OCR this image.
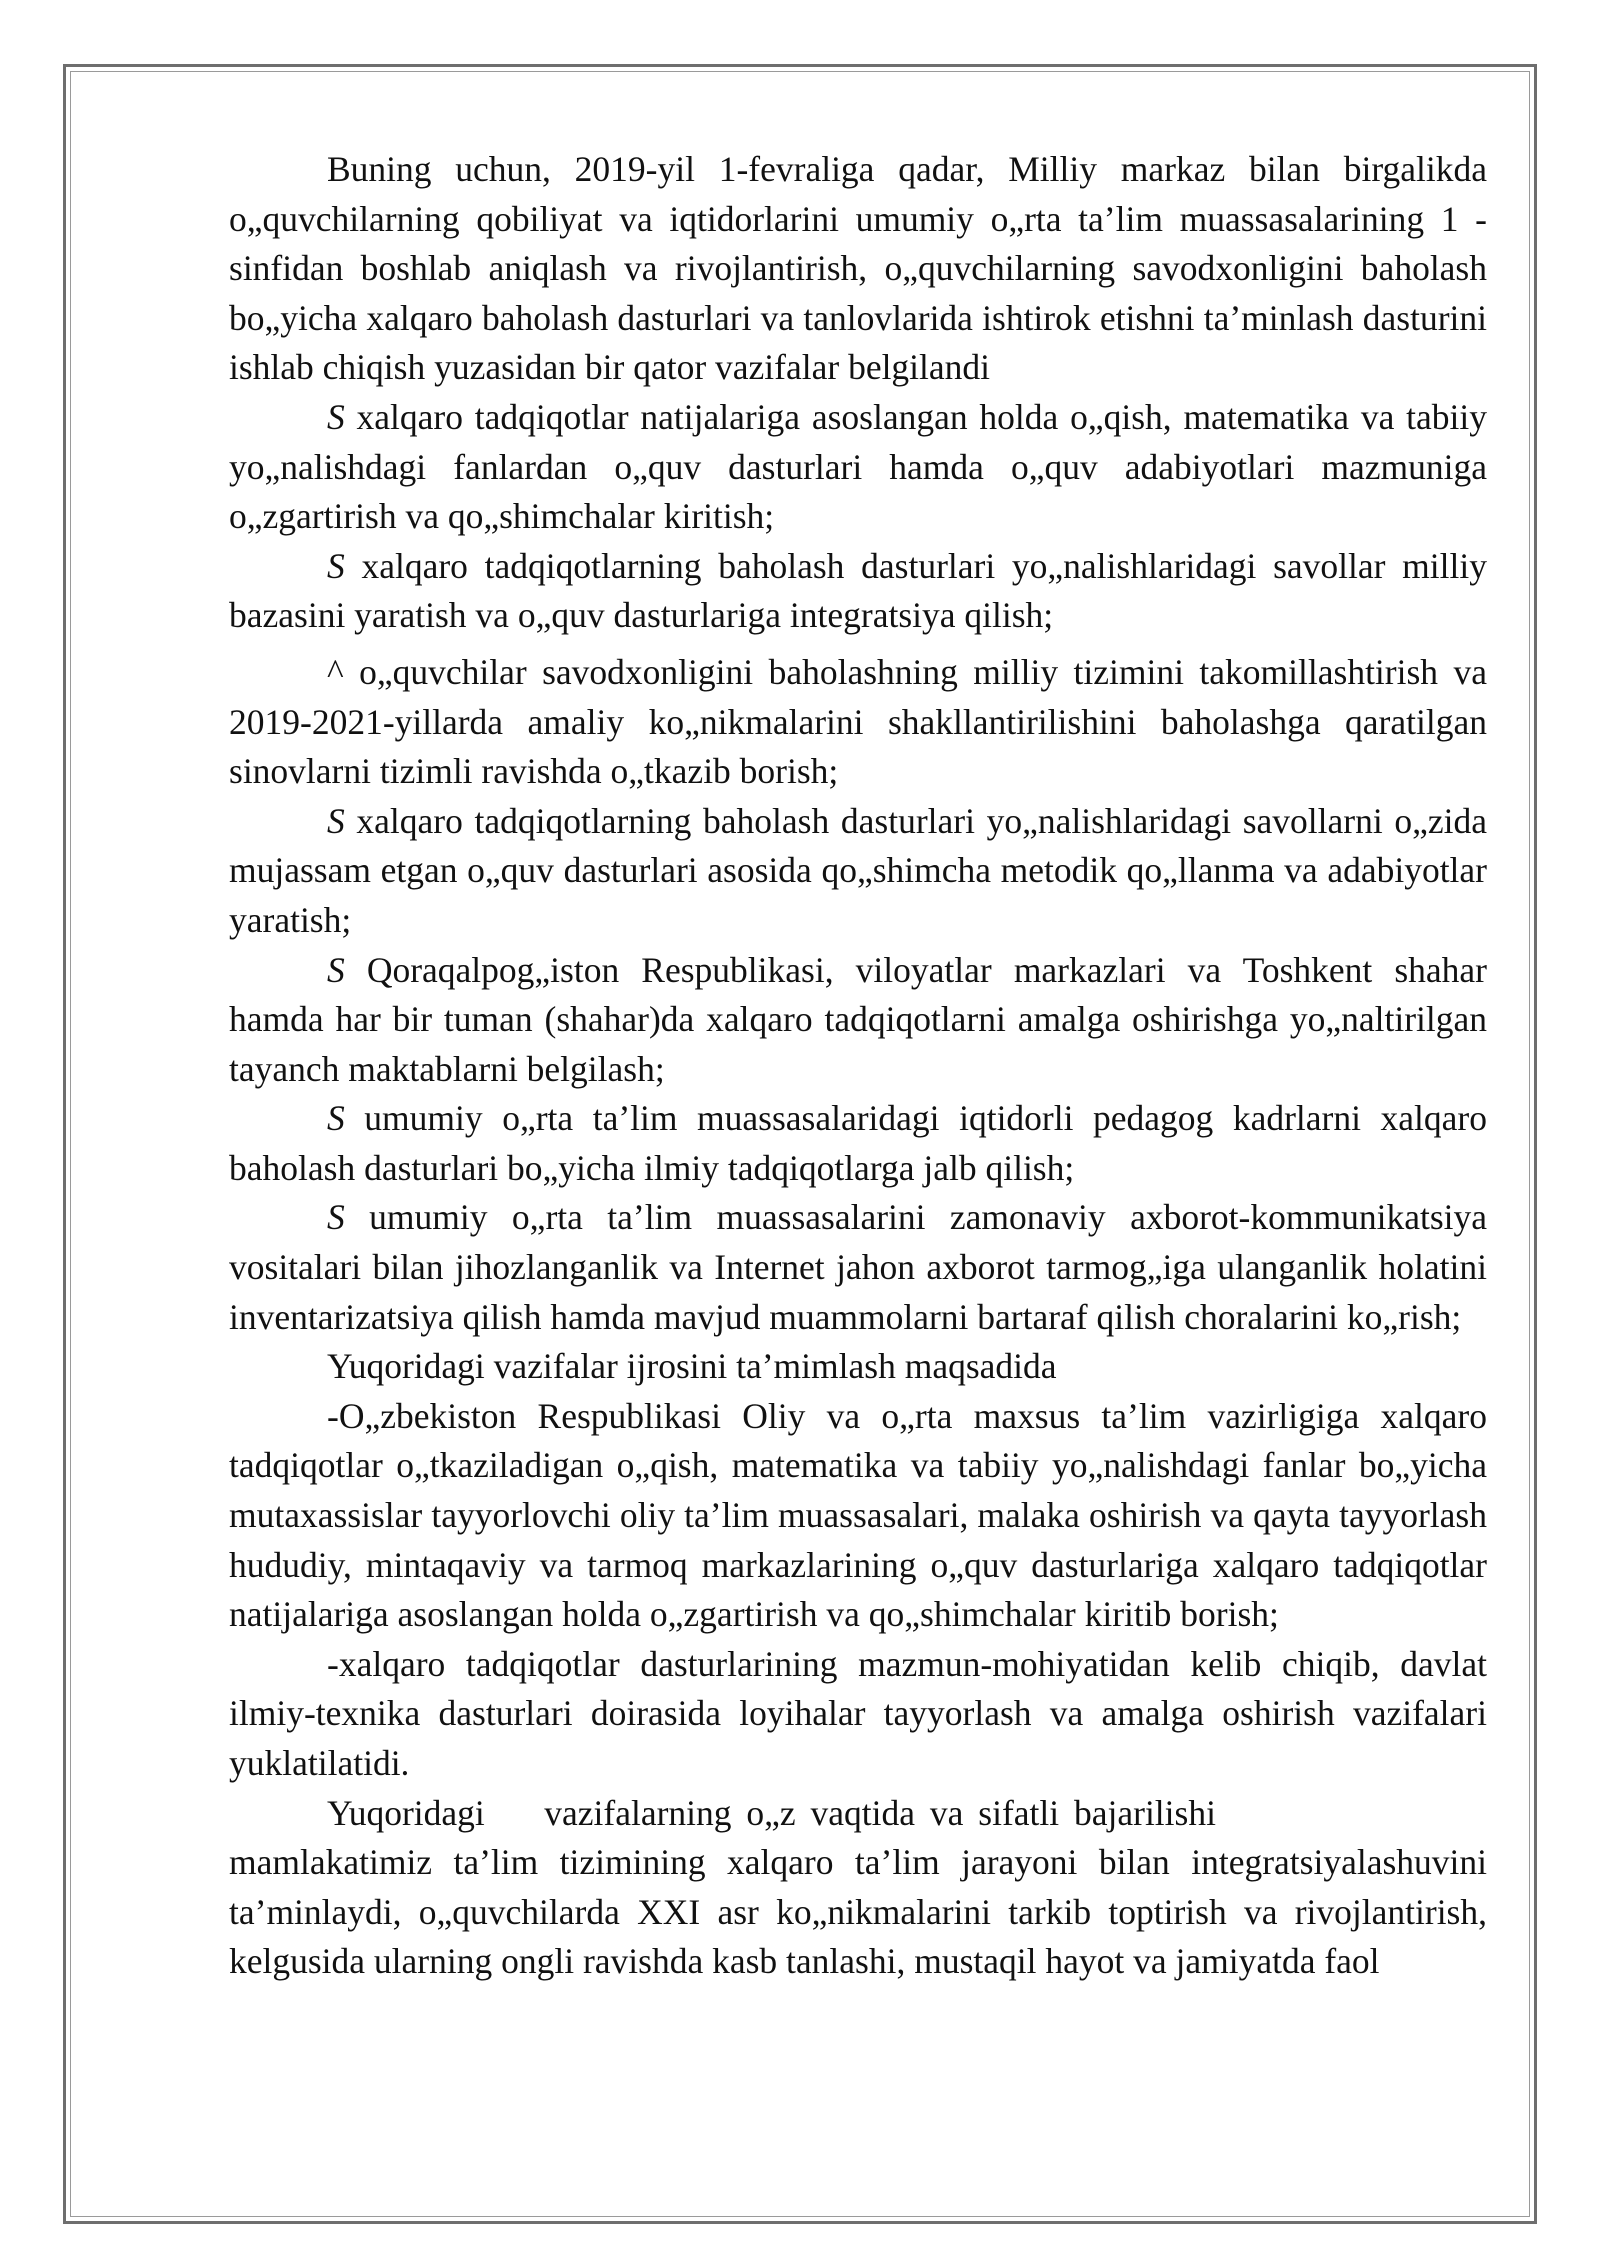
Buning uchun, 2019-yil 1-fevraliga qadar, Milliy markaz bilan birgalikda o„quvchilarning qobiliyat va iqtidorlarini umumiy o„rta ta’lim muassasalarining 1 - sinfidan boshlab aniqlash va rivojlantirish, o„quvchilarning savodxonligini baholash bo„yicha xalqaro baholash dasturlari va tanlovlarida ishtirok etishni ta’minlash dasturini ishlab chiqish yuzasidan bir qator vazifalar belgilandi

S xalqaro tadqiqotlar natijalariga asoslangan holda o„qish, matematika va tabiiy yo„nalishdagi fanlardan o„quv dasturlari hamda o„quv adabiyotlari mazmuniga o„zgartirish va qo„shimchalar kiritish;

S xalqaro tadqiqotlarning baholash dasturlari yo„nalishlaridagi savollar milliy bazasini yaratish va o„quv dasturlariga integratsiya qilish;

^ o„quvchilar savodxonligini baholashning milliy tizimini takomillashtirish va 2019-2021-yillarda amaliy ko„nikmalarini shakllantirilishini baholashga qaratilgan sinovlarni tizimli ravishda o„tkazib borish;

S xalqaro tadqiqotlarning baholash dasturlari yo„nalishlaridagi savollarni o„zida mujassam etgan o„quv dasturlari asosida qo„shimcha metodik qo„llanma va adabiyotlar yaratish;

S Qoraqalpog„iston Respublikasi, viloyatlar markazlari va Toshkent shahar hamda har bir tuman (shahar)da xalqaro tadqiqotlarni amalga oshirishga yo„naltirilgan tayanch maktablarni belgilash;

S umumiy o„rta ta’lim muassasalaridagi iqtidorli pedagog kadrlarni xalqaro baholash dasturlari bo„yicha ilmiy tadqiqotlarga jalb qilish;

S umumiy o„rta ta’lim muassasalarini zamonaviy axborot-kommunikatsiya vositalari bilan jihozlanganlik va Internet jahon axborot tarmog„iga ulanganlik holatini inventarizatsiya qilish hamda mavjud muammolarni bartaraf qilish choralarini ko„rish;

Yuqoridagi vazifalar ijrosini ta’mimlash maqsadida

-O„zbekiston Respublikasi Oliy va o„rta maxsus ta’lim vazirligiga xalqaro tadqiqotlar o„tkaziladigan o„qish, matematika va tabiiy yo„nalishdagi fanlar bo„yicha mutaxassislar tayyorlovchi oliy ta’lim muassasalari, malaka oshirish va qayta tayyorlash hududiy, mintaqaviy va tarmoq markazlarining o„quv dasturlariga xalqaro tadqiqotlar natijalariga asoslangan holda o„zgartirish va qo„shimchalar kiritib borish;

-xalqaro tadqiqotlar dasturlarining mazmun-mohiyatidan kelib chiqib, davlat ilmiy-texnika dasturlari doirasida loyihalar tayyorlash va amalga oshirish vazifalari yuklatilatidi.

Yuqoridagi    vazifalarning o„z vaqtida va sifatli bajarilishi
mamlakatimiz ta’lim tizimining xalqaro ta’lim jarayoni bilan integratsiyalashuvini ta’minlaydi, o„quvchilarda XXI asr ko„nikmalarini tarkib toptirish va rivojlantirish, kelgusida ularning ongli ravishda kasb tanlashi, mustaqil hayot va jamiyatda faol
